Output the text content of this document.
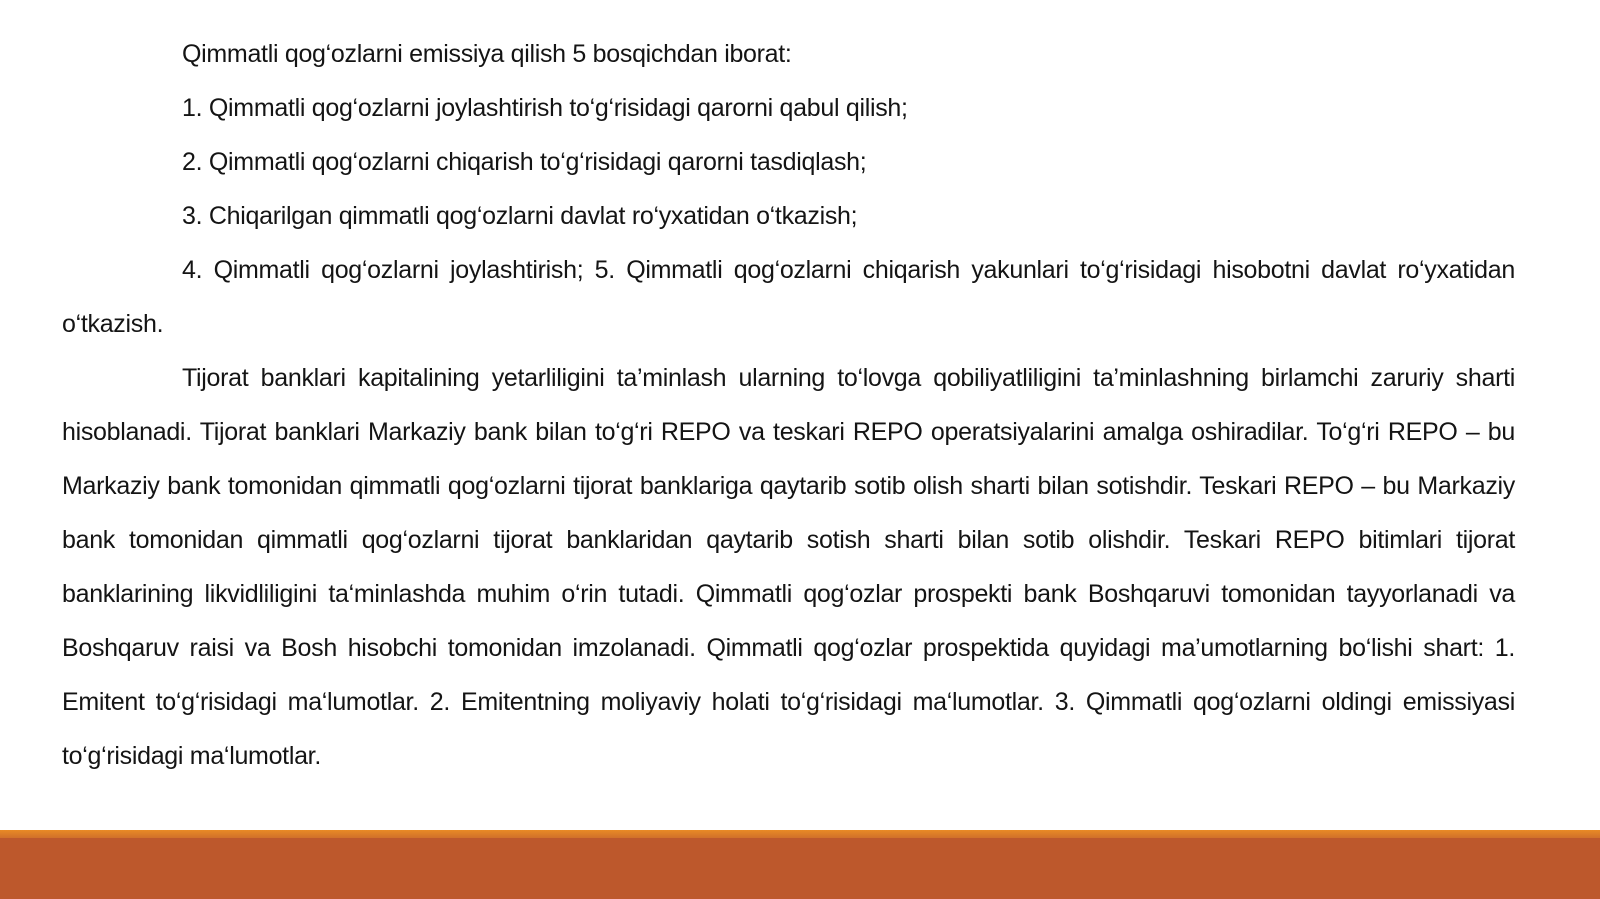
Qimmatli qog‘ozlarni emissiya qilish 5 bosqichdan iborat:

1. Qimmatli qog‘ozlarni joylashtirish to‘g‘risidagi qarorni qabul qilish;

2. Qimmatli qog‘ozlarni chiqarish to‘g‘risidagi qarorni tasdiqlash;

3. Chiqarilgan qimmatli qog‘ozlarni davlat ro‘yxatidan o‘tkazish;

4. Qimmatli qog‘ozlarni joylashtirish; 5. Qimmatli qog‘ozlarni chiqarish yakunlari to‘g‘risidagi hisobotni davlat ro‘yxatidan o‘tkazish.

Tijorat banklari kapitalining yetarliligini ta’minlash ularning to‘lovga qobiliyatliligini ta’minlashning birlamchi zaruriy sharti hisoblanadi. Tijorat banklari Markaziy bank bilan to‘g‘ri REPO va teskari REPO operatsiyalarini amalga oshiradilar. To‘g‘ri REPO – bu Markaziy bank tomonidan qimmatli qog‘ozlarni tijorat banklariga qaytarib sotib olish sharti bilan sotishdir. Teskari REPO – bu Markaziy bank tomonidan qimmatli qog‘ozlarni tijorat banklaridan qaytarib sotish sharti bilan sotib olishdir. Teskari REPO bitimlari tijorat banklarining likvidliligini ta‘minlashda muhim o‘rin tutadi. Qimmatli qog‘ozlar prospekti bank Boshqaruvi tomonidan tayyorlanadi va Boshqaruv raisi va Bosh hisobchi tomonidan imzolanadi. Qimmatli qog‘ozlar prospektida quyidagi ma’umotlarning bo‘lishi shart: 1. Emitent to‘g‘risidagi ma‘lumotlar. 2. Emitentning moliyaviy holati to‘g‘risidagi ma‘lumotlar. 3. Qimmatli qog‘ozlarni oldingi emissiyasi to‘g‘risidagi ma‘lumotlar.
